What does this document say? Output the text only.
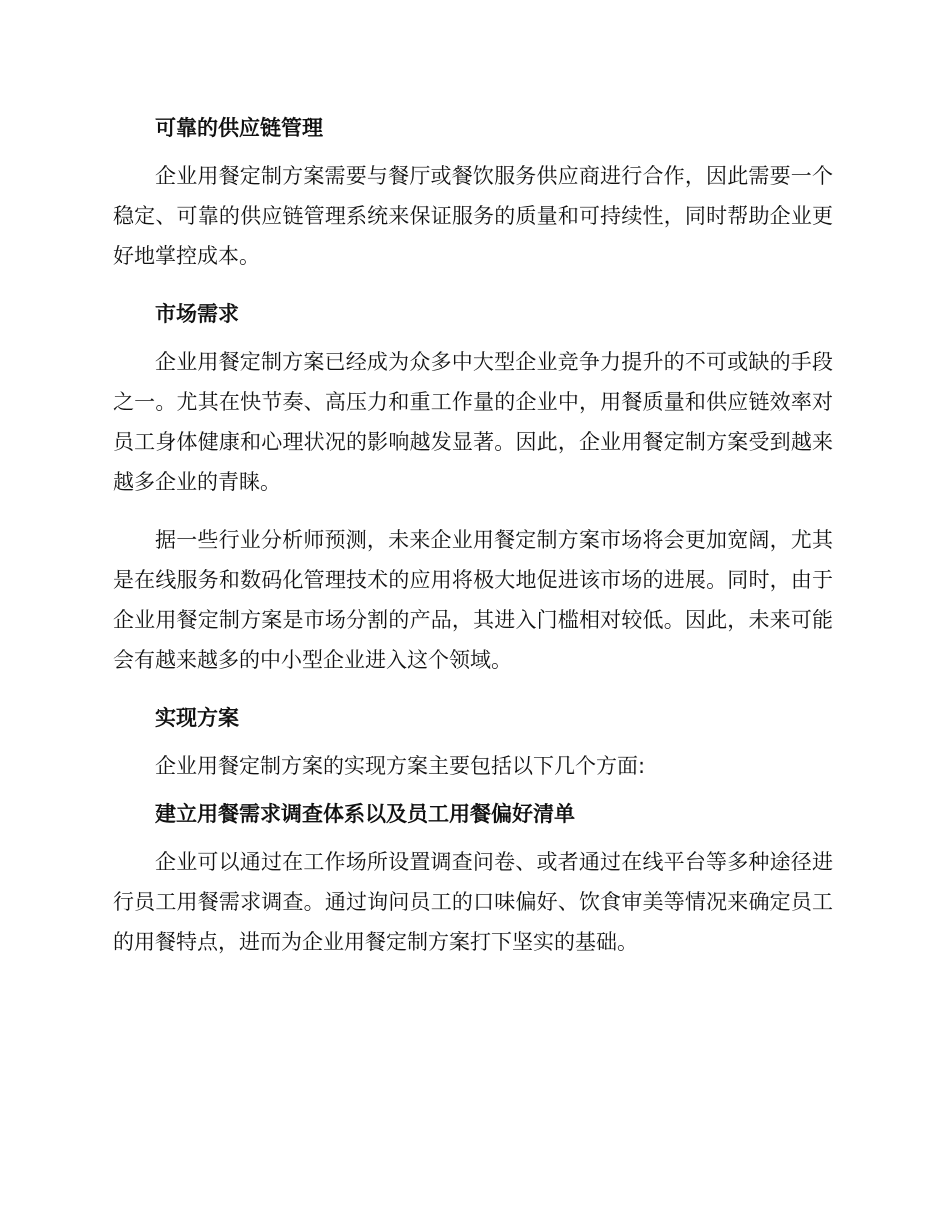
可靠的供应链管理

企业用餐定制方案需要与餐厅或餐饮服务供应商进行合作，因此需要一个稳定、可靠的供应链管理系统来保证服务的质量和可持续性，同时帮助企业更好地掌控成本。

市场需求

企业用餐定制方案已经成为众多中大型企业竞争力提升的不可或缺的手段之一。尤其在快节奏、高压力和重工作量的企业中，用餐质量和供应链效率对员工身体健康和心理状况的影响越发显著。因此，企业用餐定制方案受到越来越多企业的青睐。

据一些行业分析师预测，未来企业用餐定制方案市场将会更加宽阔，尤其是在线服务和数码化管理技术的应用将极大地促进该市场的进展。同时，由于企业用餐定制方案是市场分割的产品，其进入门槛相对较低。因此，未来可能会有越来越多的中小型企业进入这个领域。

实现方案

企业用餐定制方案的实现方案主要包括以下几个方面:

建立用餐需求调查体系以及员工用餐偏好清单

企业可以通过在工作场所设置调查问卷、或者通过在线平台等多种途径进行员工用餐需求调查。通过询问员工的口味偏好、饮食审美等情况来确定员工的用餐特点，进而为企业用餐定制方案打下坚实的基础。
